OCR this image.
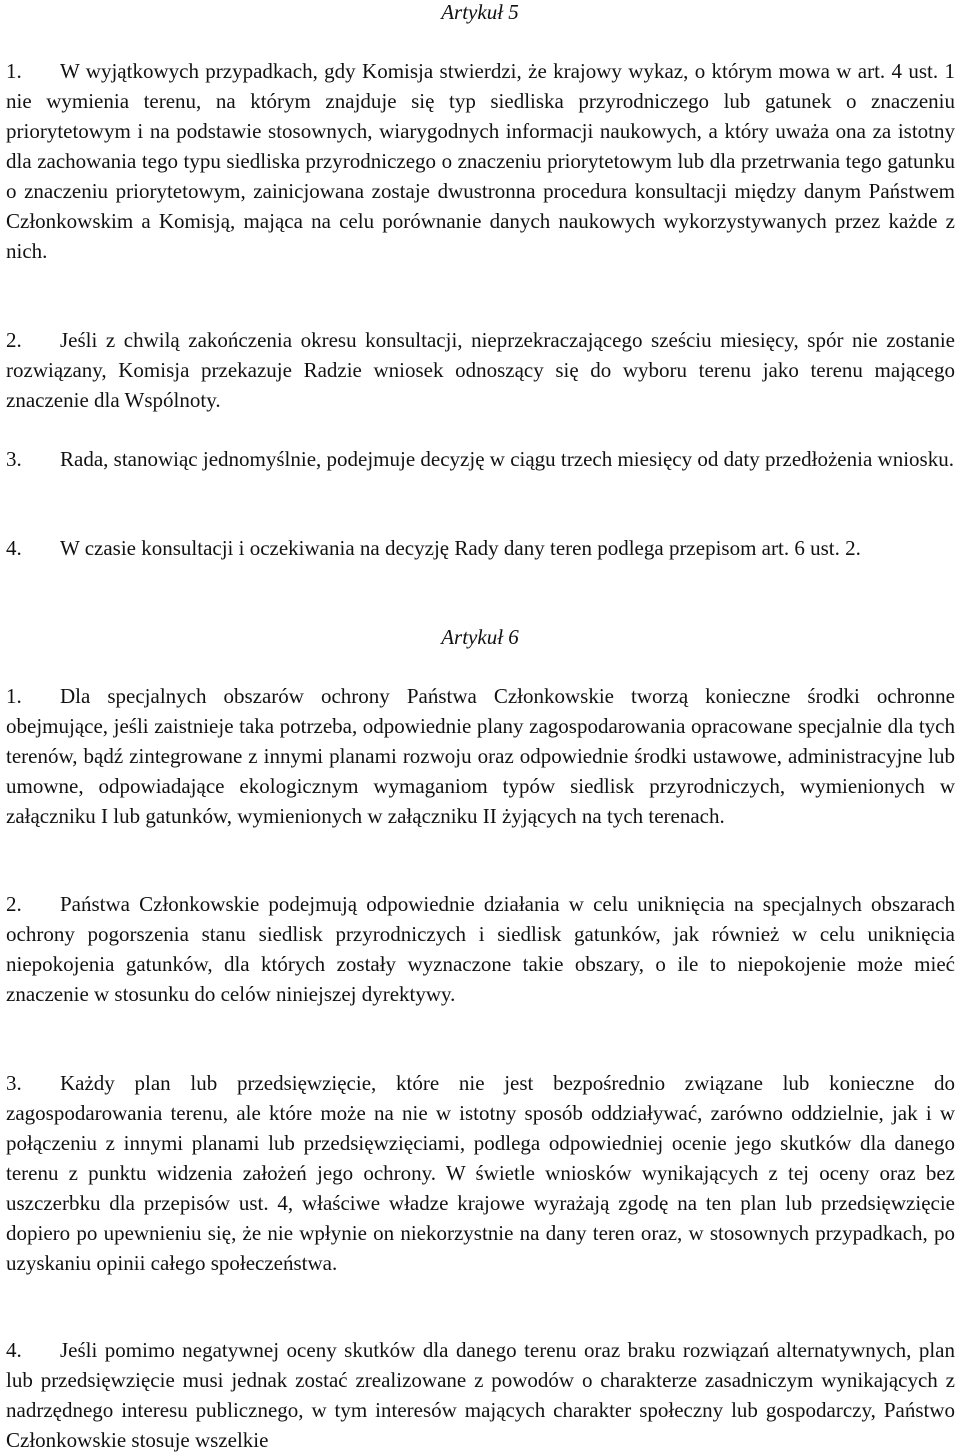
Artykuł 5

1. W wyjątkowych przypadkach, gdy Komisja stwierdzi, że krajowy wykaz, o którym mowa w art. 4 ust. 1 nie wymienia terenu, na którym znajduje się typ siedliska przyrodniczego lub gatunek o znaczeniu priorytetowym i na podstawie stosownych, wiarygodnych informacji naukowych, a który uważa ona za istotny dla zachowania tego typu siedliska przyrodniczego o znaczeniu priorytetowym lub dla przetrwania tego gatunku o znaczeniu priorytetowym, zainicjowana zostaje dwustronna procedura konsultacji między danym Państwem Członkowskim a Komisją, mająca na celu porównanie danych naukowych wykorzystywanych przez każde z nich.

2. Jeśli z chwilą zakończenia okresu konsultacji, nieprzekraczającego sześciu miesięcy, spór nie zostanie rozwiązany, Komisja przekazuje Radzie wniosek odnoszący się do wyboru terenu jako terenu mającego znaczenie dla Wspólnoty.

3. Rada, stanowiąc jednomyślnie, podejmuje decyzję w ciągu trzech miesięcy od daty przedłożenia wniosku.

4. W czasie konsultacji i oczekiwania na decyzję Rady dany teren podlega przepisom art. 6 ust. 2.

Artykuł 6

1. Dla specjalnych obszarów ochrony Państwa Członkowskie tworzą konieczne środki ochronne obejmujące, jeśli zaistnieje taka potrzeba, odpowiednie plany zagospodarowania opracowane specjalnie dla tych terenów, bądź zintegrowane z innymi planami rozwoju oraz odpowiednie środki ustawowe, administracyjne lub umowne, odpowiadające ekologicznym wymaganiom typów siedlisk przyrodniczych, wymienionych w załączniku I lub gatunków, wymienionych w załączniku II żyjących na tych terenach.

2. Państwa Członkowskie podejmują odpowiednie działania w celu uniknięcia na specjalnych obszarach ochrony pogorszenia stanu siedlisk przyrodniczych i siedlisk gatunków, jak również w celu uniknięcia niepokojenia gatunków, dla których zostały wyznaczone takie obszary, o ile to niepokojenie może mieć znaczenie w stosunku do celów niniejszej dyrektywy.

3. Każdy plan lub przedsięwzięcie, które nie jest bezpośrednio związane lub konieczne do zagospodarowania terenu, ale które może na nie w istotny sposób oddziaływać, zarówno oddzielnie, jak i w połączeniu z innymi planami lub przedsięwzięciami, podlega odpowiedniej ocenie jego skutków dla danego terenu z punktu widzenia założeń jego ochrony. W świetle wniosków wynikających z tej oceny oraz bez uszczerbku dla przepisów ust. 4, właściwe władze krajowe wyrażają zgodę na ten plan lub przedsięwzięcie dopiero po upewnieniu się, że nie wpłynie on niekorzystnie na dany teren oraz, w stosownych przypadkach, po uzyskaniu opinii całego społeczeństwa.

4. Jeśli pomimo negatywnej oceny skutków dla danego terenu oraz braku rozwiązań alternatywnych, plan lub przedsięwzięcie musi jednak zostać zrealizowane z powodów o charakterze zasadniczym wynikających z nadrzędnego interesu publicznego, w tym interesów mających charakter społeczny lub gospodarczy, Państwo Członkowskie stosuje wszelkie
